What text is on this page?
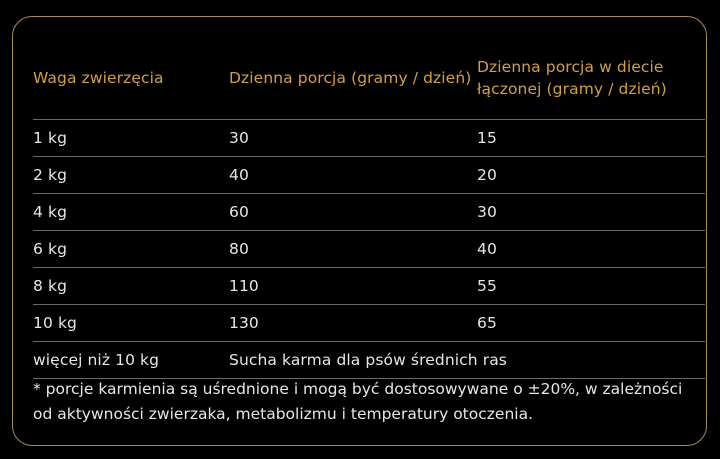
Waga zwierzęcia	Dzienna porcja (gramy / dzień)	Dzienna porcja w diecie łączonej (gramy / dzień)
1 kg	30	15
2 kg	40	20
4 kg	60	30
6 kg	80	40
8 kg	110	55
10 kg	130	65
więcej niż 10 kg	Sucha karma dla psów średnich ras	
* porcje karmienia są uśrednione i mogą być dostosowywane o ±20%, w zależności od aktywności zwierzaka, metabolizmu i temperatury otoczenia.
